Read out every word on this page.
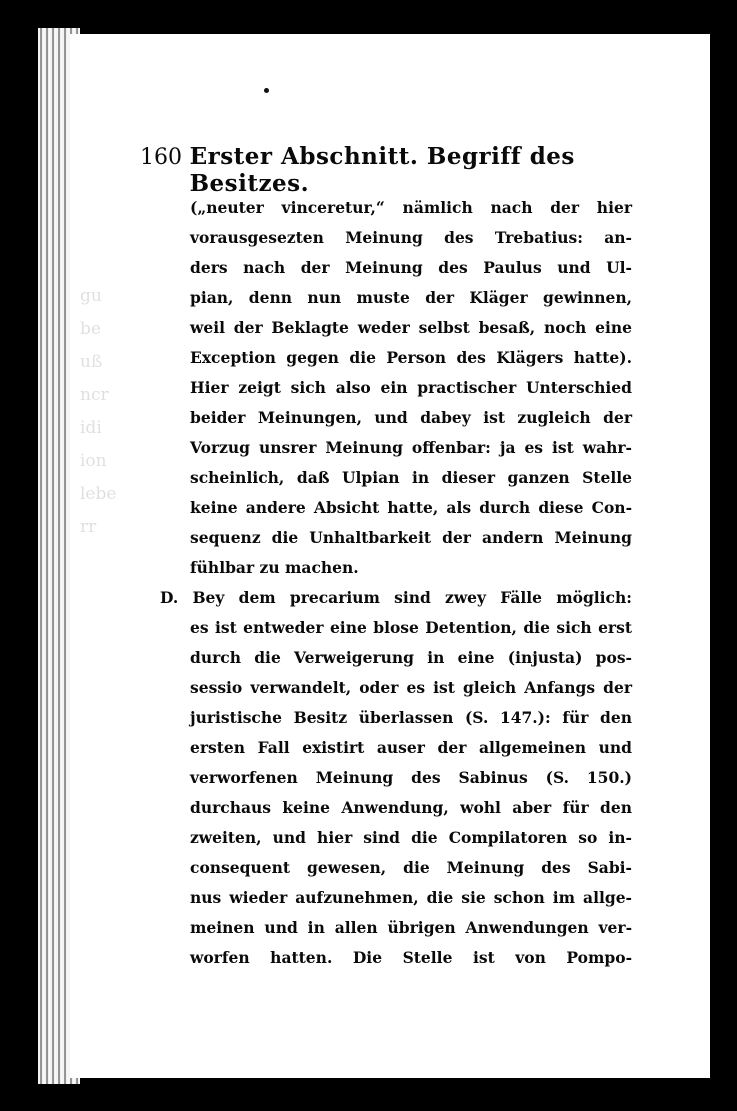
gu
be
uß
ncr
idi
ion
lebe
rr
160 Erster Abschnitt. Begriff des Besitzes.
(„neuter vinceretur,“ nämlich nach der hier
vorausgesezten Meinung des Trebatius: an-
ders nach der Meinung des Paulus und Ul-
pian, denn nun muste der Kläger gewinnen,
weil der Beklagte weder selbst besaß, noch eine
Exception gegen die Person des Klägers hatte).
Hier zeigt sich also ein practischer Unterschied
beider Meinungen, und dabey ist zugleich der
Vorzug unsrer Meinung offenbar: ja es ist wahr-
scheinlich, daß Ulpian in dieser ganzen Stelle
keine andere Absicht hatte, als durch diese Con-
sequenz die Unhaltbarkeit der andern Meinung
fühlbar zu machen.
D. Bey dem precarium sind zwey Fälle möglich:
es ist entweder eine blose Detention, die sich erst
durch die Verweigerung in eine (injusta) pos-
sessio verwandelt, oder es ist gleich Anfangs der
juristische Besitz überlassen (S. 147.): für den
ersten Fall existirt auser der allgemeinen und
verworfenen Meinung des Sabinus (S. 150.)
durchaus keine Anwendung, wohl aber für den
zweiten, und hier sind die Compilatoren so in-
consequent gewesen, die Meinung des Sabi-
nus wieder aufzunehmen, die sie schon im allge-
meinen und in allen übrigen Anwendungen ver-
worfen hatten. Die Stelle ist von Pompo-
